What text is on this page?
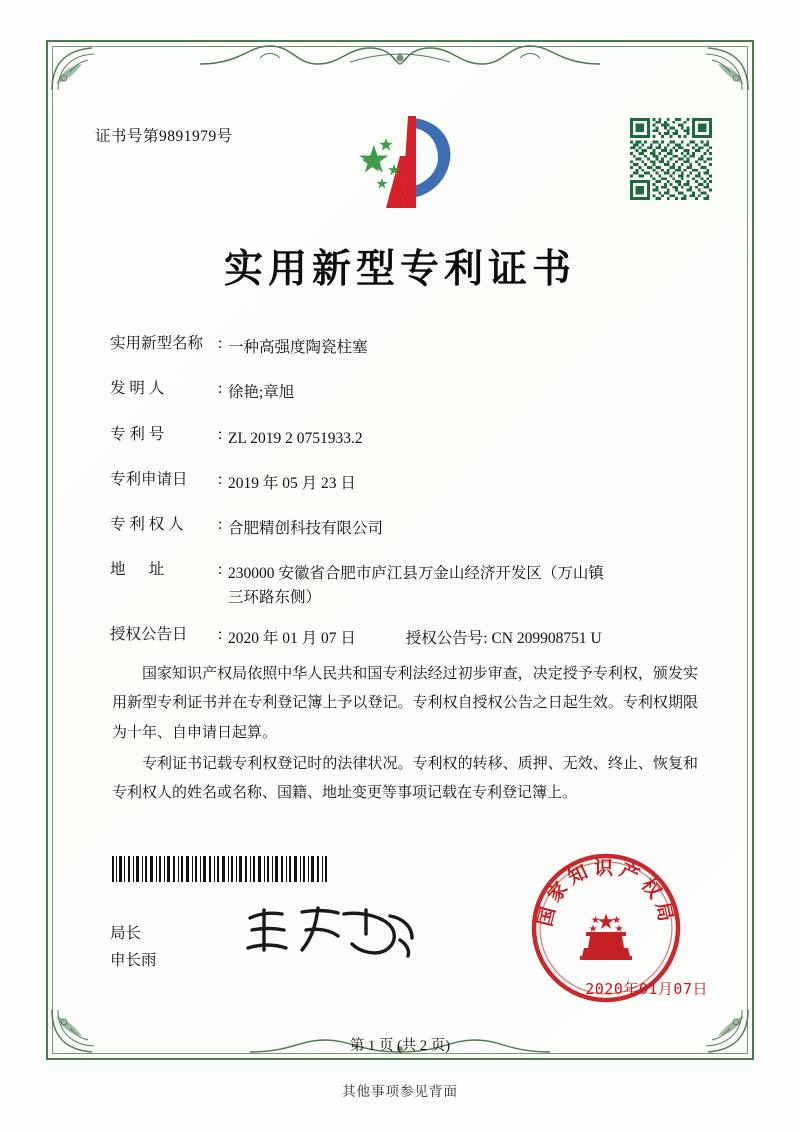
证书号第9891979号
实用新型专利证书
实用新型名称 : 一种高强度陶瓷柱塞
发 明 人	: 徐艳;章旭
专 利 号	: ZL 2019 2 0751933.2
专利申请日	: 2019 年 05 月 23 日
专 利 权 人	: 合肥精创科技有限公司
地      址	: 230000 安徽省合肥市庐江县万金山经济开发区（万山镇
三环路东侧）
授权公告日	: 2020 年 01 月 07 日	授权公告号: CN 209908751 U

国家知识产权局依照中华人民共和国专利法经过初步审查，决定授予专利权，颁发实用新型专利证书并在专利登记簿上予以登记。专利权自授权公告之日起生效。专利权期限为十年、自申请日起算。

专利证书记载专利权登记时的法律状况。专利权的转移、质押、无效、终止、恢复和专利权人的姓名或名称、国籍、地址变更等事项记载在专利登记簿上。

局长
申长雨
国家知识产权局
2020年01月07日
第 1 页 (共 2 页)
其他事项参见背面
